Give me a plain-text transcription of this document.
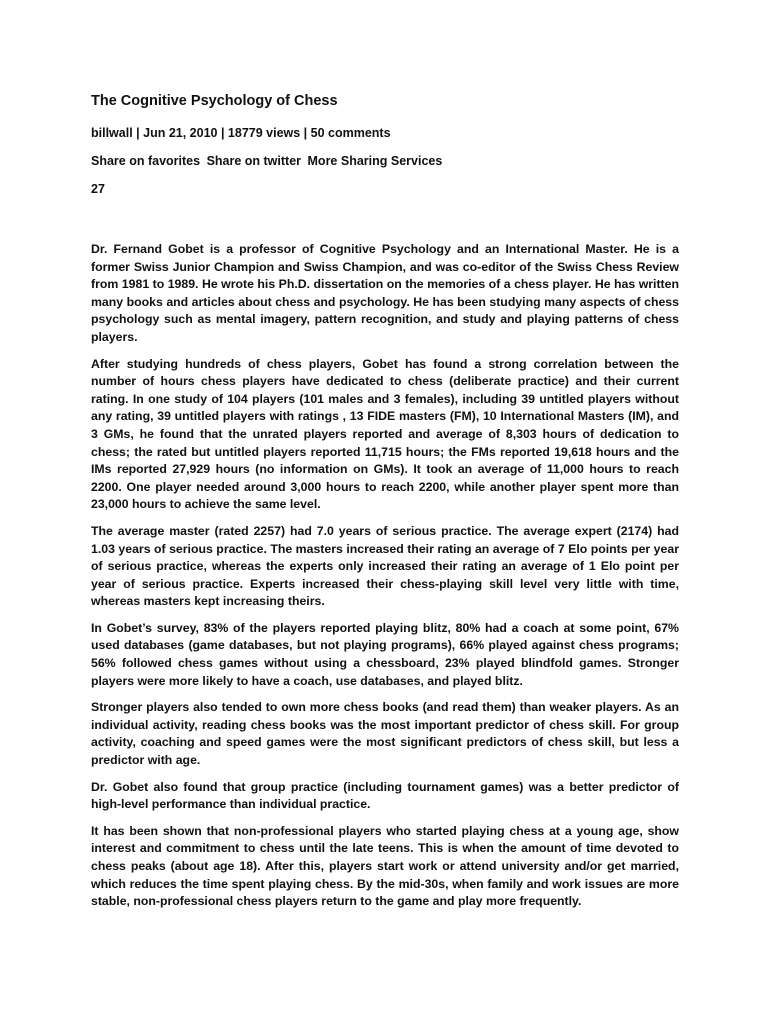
The Cognitive Psychology of Chess
billwall | Jun 21, 2010 | 18779 views | 50 comments
Share on favorites Share on twitter More Sharing Services
27

Dr. Fernand Gobet is a professor of Cognitive Psychology and an International Master. He is a former Swiss Junior Champion and Swiss Champion, and was co-editor of the Swiss Chess Review from 1981 to 1989. He wrote his Ph.D. dissertation on the memories of a chess player. He has written many books and articles about chess and psychology. He has been studying many aspects of chess psychology such as mental imagery, pattern recognition, and study and playing patterns of chess players.

After studying hundreds of chess players, Gobet has found a strong correlation between the number of hours chess players have dedicated to chess (deliberate practice) and their current rating. In one study of 104 players (101 males and 3 females), including 39 untitled players without any rating, 39 untitled players with ratings , 13 FIDE masters (FM), 10 International Masters (IM), and 3 GMs, he found that the unrated players reported and average of 8,303 hours of dedication to chess; the rated but untitled players reported 11,715 hours; the FMs reported 19,618 hours and the IMs reported 27,929 hours (no information on GMs). It took an average of 11,000 hours to reach 2200. One player needed around 3,000 hours to reach 2200, while another player spent more than 23,000 hours to achieve the same level.

The average master (rated 2257) had 7.0 years of serious practice. The average expert (2174) had 1.03 years of serious practice. The masters increased their rating an average of 7 Elo points per year of serious practice, whereas the experts only increased their rating an average of 1 Elo point per year of serious practice. Experts increased their chess-playing skill level very little with time, whereas masters kept increasing theirs.

In Gobet’s survey, 83% of the players reported playing blitz, 80% had a coach at some point, 67% used databases (game databases, but not playing programs), 66% played against chess programs; 56% followed chess games without using a chessboard, 23% played blindfold games. Stronger players were more likely to have a coach, use databases, and played blitz.

Stronger players also tended to own more chess books (and read them) than weaker players. As an individual activity, reading chess books was the most important predictor of chess skill. For group activity, coaching and speed games were the most significant predictors of chess skill, but less a predictor with age.

Dr. Gobet also found that group practice (including tournament games) was a better predictor of high-level performance than individual practice.

It has been shown that non-professional players who started playing chess at a young age, show interest and commitment to chess until the late teens. This is when the amount of time devoted to chess peaks (about age 18). After this, players start work or attend university and/or get married, which reduces the time spent playing chess. By the mid-30s, when family and work issues are more stable, non-professional chess players return to the game and play more frequently.
